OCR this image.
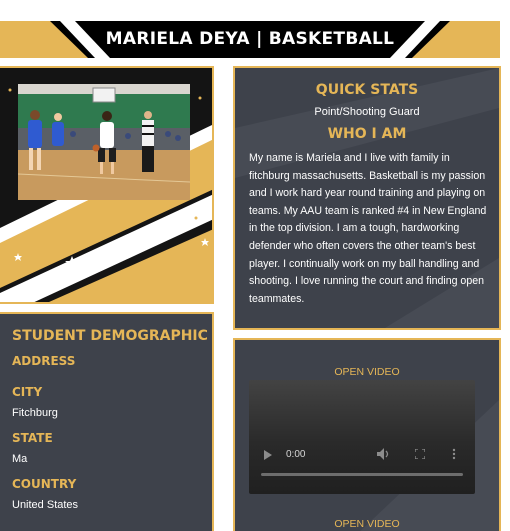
MARIELA DEYA | BASKETBALL
QUICK STATS
Point/Shooting Guard
WHO I AM
My name is Mariela and I live with family in fitchburg massachusetts. Basketball is my passion and I work hard year round training and playing on teams. My AAU team is ranked #4 in New England in the top division. I am a tough, hardworking defender who often covers the other team's best player. I continually work on my ball handling and shooting. I love running the court and finding open teammates.
STUDENT DEMOGRAPHIC
ADDRESS
CITY
Fitchburg
STATE
Ma
COUNTRY
United States
OPEN VIDEO
0:00
OPEN VIDEO
